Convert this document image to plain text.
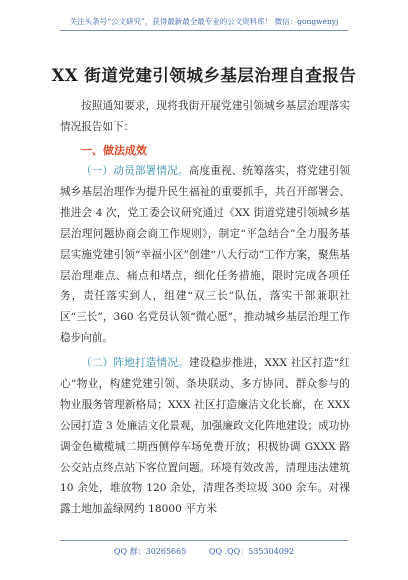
关注头条号“公文研究”，获得最新最全最专业的公文资料库！ 微信：gongwenyj
XX 街道党建引领城乡基层治理自查报告
按照通知要求，现将我街开展党建引领城乡基层治理落实情况报告如下：
一、做法成效
（一）动员部署情况。高度重视、统筹落实，将党建引领城乡基层治理作为提升民生福祉的重要抓手，共召开部署会、推进会 4 次，党工委会议研究通过《XX 街道党建引领城乡基层治理问题协商会商工作规则》，制定“平急结合”全力服务基层实施党建引领“幸福小区”创建“八大行动”工作方案，聚焦基层治理难点、痛点和堵点，细化任务措施，限时完成各项任务，责任落实到人，组建“双三长”队伍，落实干部兼职社区“三长”，360 名党员认领“微心愿”，推动城乡基层治理工作稳步向前。
（二）阵地打造情况。建设稳步推进，XXX 社区打造“红心”物业，构建党建引领、条块联动、多方协同、群众参与的物业服务管理新格局；XXX 社区打造廉洁文化长廊，在 XXX 公园打造 3 处廉洁文化景观，加强廉政文化阵地建设；成功协调金色橄榄城二期西侧停车场免费开放；积极协调 GXXX 路公交站点终点站下客位置问题。环境有效改善，清理违法建筑 10 余处，堆放物 120 余处，清理各类垃圾 300 余车。对裸露土地加盖绿网约 18000 平方米
QQ 群：30265665	QQ .QQ：535304092
